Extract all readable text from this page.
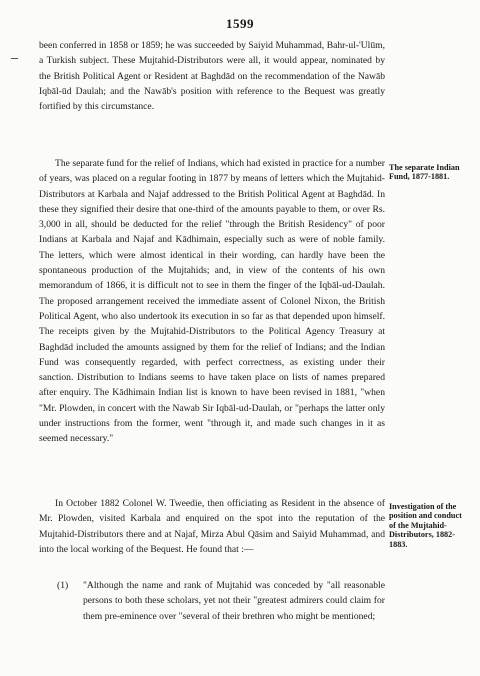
1599

been conferred in 1858 or 1859; he was succeeded by Saiyid Muhammad, Bahr-ul-'Ulūm, a Turkish subject. These Mujtahid-Distributors were all, it would appear, nominated by the British Political Agent or Resident at Baghdād on the recommendation of the Nawāb Iqbāl-ūd Daulah; and the Nawāb's position with reference to the Bequest was greatly fortified by this circumstance.

The separate fund for the relief of Indians, which had existed in practice for a number of years, was placed on a regular footing in 1877 by means of letters which the Mujtahid-Distributors at Karbala and Najaf addressed to the British Political Agent at Baghdād. In these they signified their desire that one-third of the amounts payable to them, or over Rs. 3,000 in all, should be deducted for the relief "through the British Residency" of poor Indians at Karbala and Najaf and Kādhimain, especially such as were of noble family. The letters, which were almost identical in their wording, can hardly have been the spontaneous production of the Mujtahids; and, in view of the contents of his own memorandum of 1866, it is difficult not to see in them the finger of the Iqbāl-ud-Daulah. The proposed arrangement received the immediate assent of Colonel Nixon, the British Political Agent, who also undertook its execution in so far as that depended upon himself. The receipts given by the Mujtahid-Distributors to the Political Agency Treasury at Baghdād included the amounts assigned by them for the relief of Indians; and the Indian Fund was consequently regarded, with perfect correctness, as existing under their sanction. Distribution to Indians seems to have taken place on lists of names prepared after enquiry. The Kādhimain Indian list is known to have been revised in 1881, "when "Mr. Plowden, in concert with the Nawab Sir Iqbāl-ud-Daulah, or "perhaps the latter only under instructions from the former, went "through it, and made such changes in it as seemed necessary."

The separate Indian Fund, 1877-1881.

In October 1882 Colonel W. Tweedie, then officiating as Resident in the absence of Mr. Plowden, visited Karbala and enquired on the spot into the reputation of the Mujtahid-Distributors there and at Najaf, Mirza Abul Qāsim and Saiyid Muhammad, and into the local working of the Bequest. He found that :—

Investigation of the position and conduct of the Mujtahid-Distributors, 1882-1883.
(1) "Although the name and rank of Mujtahid was conceded by "all reasonable persons to both these scholars, yet not their "greatest admirers could claim for them pre-eminence over "several of their brethren who might be mentioned;
